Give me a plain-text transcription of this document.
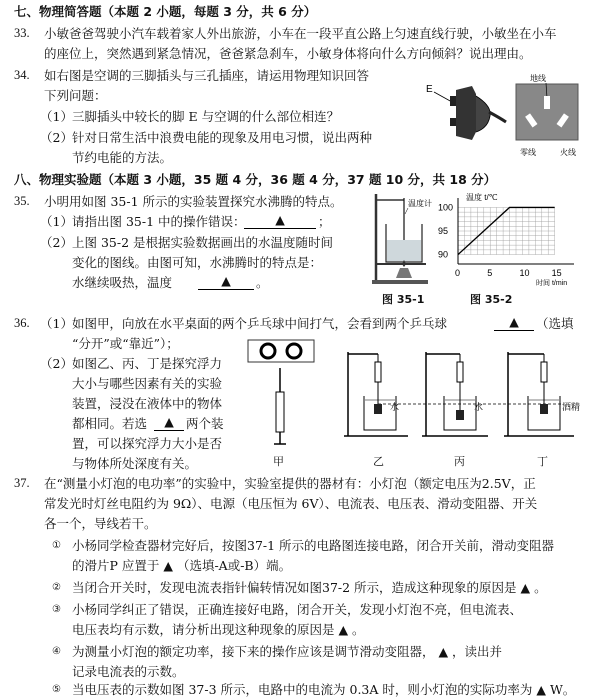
七、物理简答题（本题 2 小题，每题 3 分，共 6 分）
33. 小敏爸爸驾驶小汽车载着家人外出旅游，小车在一段平直公路上匀速直线行驶，小敏坐在小车
的座位上，突然遇到紧急情况，爸爸紧急刹车，小敏身体将向什么方向倾斜？说出理由。
34. 如右图是空调的三脚插头与三孔插座，请运用物理知识回答
下列问题：
（1） 三脚插头中较长的脚 E 与空调的什么部位相连？
（2） 针对日常生活中浪费电能的现象及用电习惯，说出两种
节约电能的方法。
E
地线
零线	火线
八、物理实验题（本题 3 小题，35 题 4 分，36 题 4 分，37 题 10 分，共 18 分）
35. 小明用如图 35-1 所示的实验装置探究水沸腾的特点。
（1） 请指出图 35-1 中的操作错误：	▲	；
（2） 上图 35-2 是根据实验数据画出的水温度随时间
变化的图线。由图可知，水沸腾时的特点是：
水继续吸热，温度	▲	。
温度计
图 35-1
90
95
100
0	5	10 15
温度 t/℃
时间 t/min
图 35-2
36. （1） 如图甲，向放在水平桌面的两个乒乓球中间打气，会看到两个乒乓球	▲	（选填
“分开”或“靠近”）；
（2） 如图乙、丙、丁是探究浮力
大小与哪些因素有关的实验
装置，浸没在液体中的物体
都相同。若选	▲ 两个装
置，可以探究浮力大小是否
与物体所处深度有关。	甲
水	水	酒精
乙	丙	丁
37. 在“测量小灯泡的电功率”的实验中，实验室提供的器材有：小灯泡（额定电压为2.5V，正
常发光时灯丝电阻约为 9Ω）、电源（电压恒为 6V）、电流表、电压表、滑动变阻器、开关
各一个，导线若干。
① 小杨同学检查器材完好后，按图37-1 所示的电路图连接电路，闭合开关前，滑动变阻器
的滑片P 应置于 ▲ （选填-A或-B）端。
② 当闭合开关时，发现电流表指针偏转情况如图37-2 所示，造成这种现象的原因是 ▲ 。
③ 小杨同学纠正了错误，正确连接好电路，闭合开关，发现小灯泡不亮，但电流表、
电压表均有示数，请分析出现这种现象的原因是 ▲ 。
④ 为测量小灯泡的额定功率，接下来的操作应该是调节滑动变阻器， ▲ ，读出并
记录电流表的示数。
⑤ 当电压表的示数如图 37-3 所示，电路中的电流为 0.3A 时，则小灯泡的实际功率为 ▲ W。
